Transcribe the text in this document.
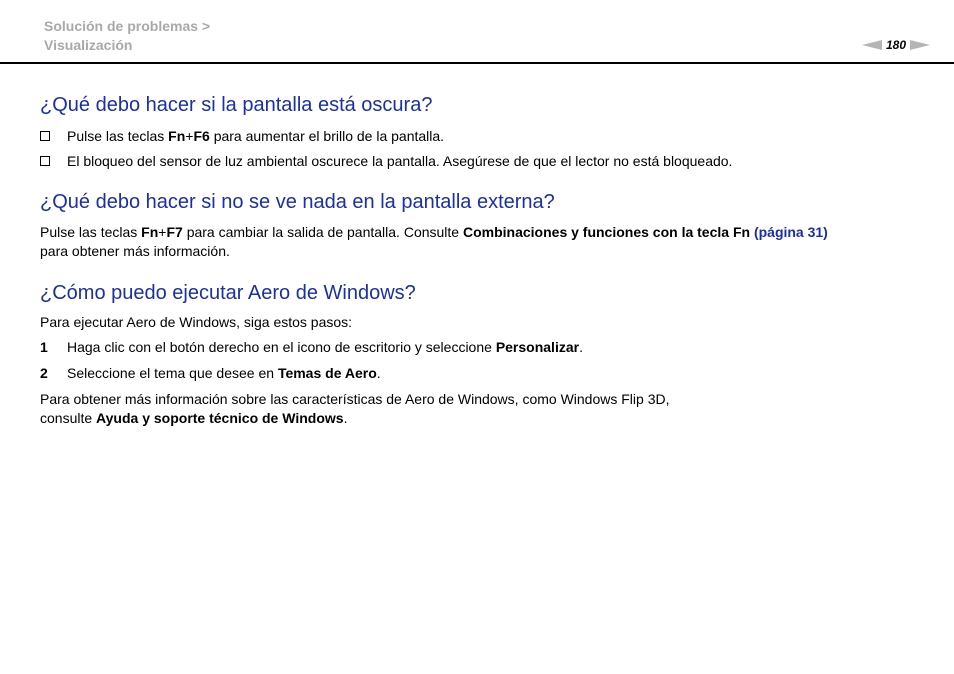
Solución de problemas >
Visualización	180
¿Qué debo hacer si la pantalla está oscura?
Pulse las teclas Fn+F6 para aumentar el brillo de la pantalla.
El bloqueo del sensor de luz ambiental oscurece la pantalla. Asegúrese de que el lector no está bloqueado.
¿Qué debo hacer si no se ve nada en la pantalla externa?
Pulse las teclas Fn+F7 para cambiar la salida de pantalla. Consulte Combinaciones y funciones con la tecla Fn (página 31)
para obtener más información.
¿Cómo puedo ejecutar Aero de Windows?
Para ejecutar Aero de Windows, siga estos pasos:
1 Haga clic con el botón derecho en el icono de escritorio y seleccione Personalizar.
2 Seleccione el tema que desee en Temas de Aero.
Para obtener más información sobre las características de Aero de Windows, como Windows Flip 3D,
consulte Ayuda y soporte técnico de Windows.
